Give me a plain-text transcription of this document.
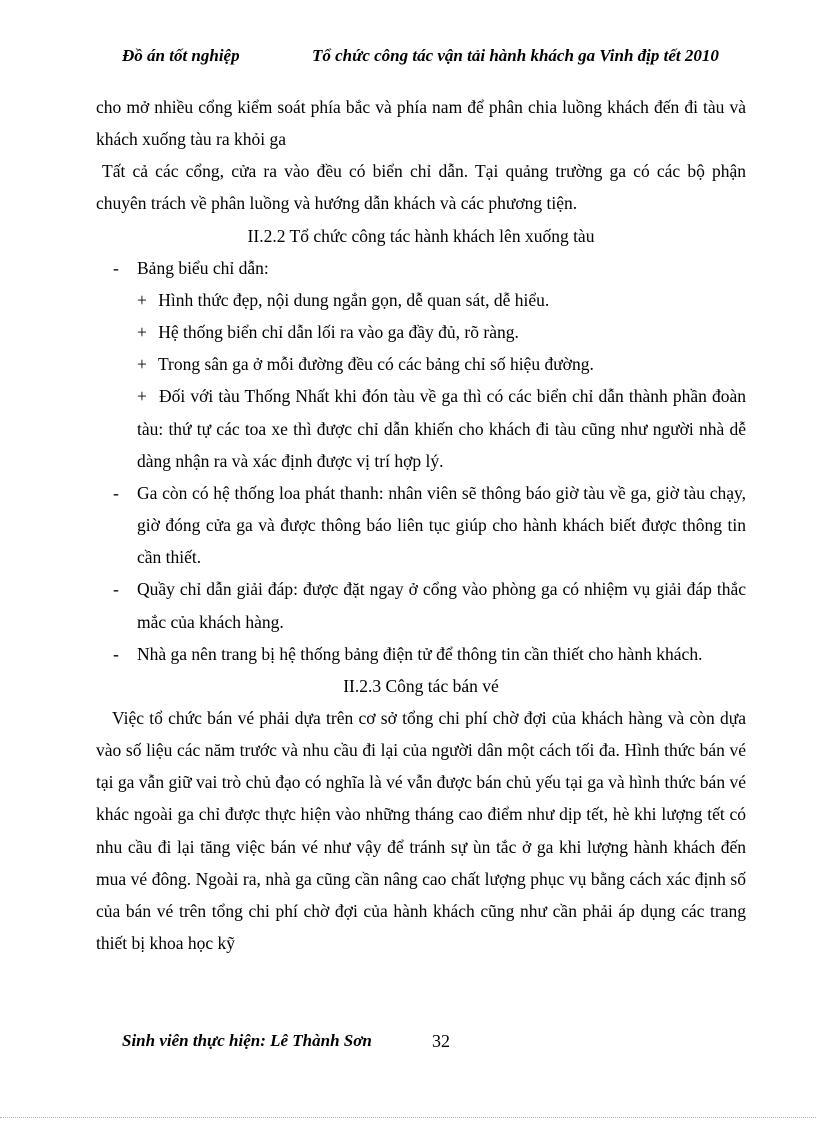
Đồ án tốt nghiệp	Tổ chức công tác vận tải hành khách ga Vinh địp tết 2010

cho mở nhiều cổng kiểm soát phía bắc và phía nam để phân chia luồng khách đến đi tàu và khách xuống tàu ra khỏi ga

Tất cả các cổng, cửa ra vào đều có biển chỉ dẫn. Tại quảng trường ga có các bộ phận chuyên trách về phân luồng và hướng dẫn khách và các phương tiện.

II.2.2 Tổ chức công tác hành khách lên xuống tàu

- Bảng biểu chỉ dẫn:
+ Hình thức đẹp, nội dung ngắn gọn, dễ quan sát, dễ hiểu.
+ Hệ thống biển chỉ dẫn lối ra vào ga đầy đủ, rõ ràng.
+ Trong sân ga ở mỗi đường đều có các bảng chỉ số hiệu đường.
+ Đối với tàu Thống Nhất khi đón tàu về ga thì có các biển chỉ dẫn thành phần đoàn tàu: thứ tự các toa xe thì được chỉ dẫn khiến cho khách đi tàu cũng như người nhà dễ dàng nhận ra và xác định được vị trí hợp lý.
- Ga còn có hệ thống loa phát thanh: nhân viên sẽ thông báo giờ tàu về ga, giờ tàu chạy, giờ đóng cửa ga và được thông báo liên tục giúp cho hành khách biết được thông tin cần thiết.
- Quầy chỉ dẫn giải đáp: được đặt ngay ở cổng vào phòng ga có nhiệm vụ giải đáp thắc mắc của khách hàng.
- Nhà ga nên trang bị hệ thống bảng điện tử để thông tin cần thiết cho hành khách.

II.2.3 Công tác bán vé

Việc tổ chức bán vé phải dựa trên cơ sở tổng chi phí chờ đợi của khách hàng và còn dựa vào số liệu các năm trước và nhu cầu đi lại của người dân một cách tối đa. Hình thức bán vé tại ga vẫn giữ vai trò chủ đạo có nghĩa là vé vẫn được bán chủ yếu tại ga và hình thức bán vé khác ngoài ga chỉ được thực hiện vào những tháng cao điểm như dịp tết, hè khi lượng tết có nhu cầu đi lại tăng việc bán vé như vậy để tránh sự ùn tắc ở ga khi lượng hành khách đến mua vé đông. Ngoài ra, nhà ga cũng cần nâng cao chất lượng phục vụ bằng cách xác định số của bán vé trên tổng chi phí chờ đợi của hành khách cũng như cần phải áp dụng các trang thiết bị khoa học kỹ

Sinh viên thực hiện: Lê Thành Sơn	32
